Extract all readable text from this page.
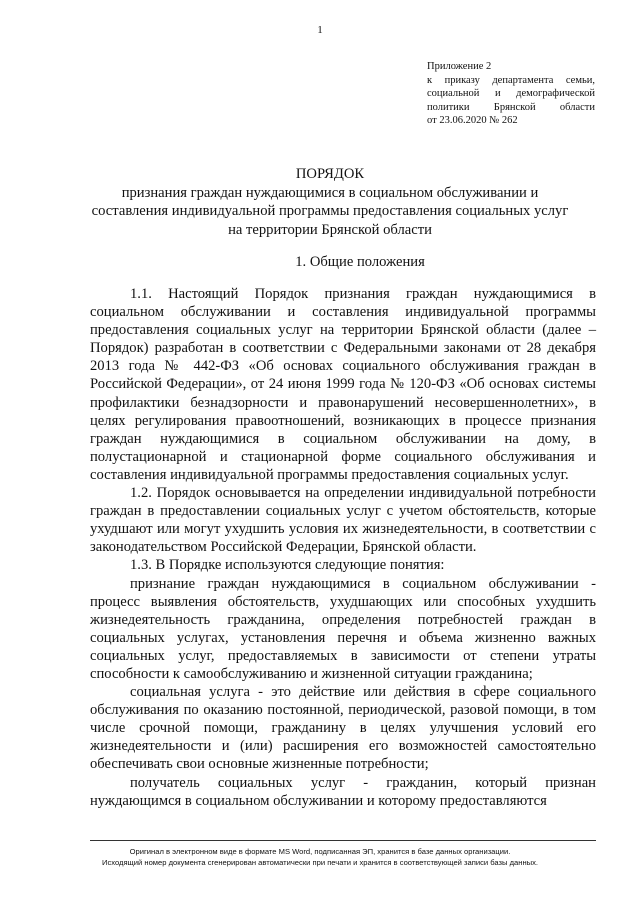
1
Приложение 2
к приказу департамента семьи,
социальной и демографической
политики Брянской области
от 23.06.2020 № 262
ПОРЯДОК
признания граждан нуждающимися в социальном обслуживании и
составления индивидуальной программы предоставления социальных услуг
на территории Брянской области
1. Общие положения

1.1. Настоящий Порядок признания граждан нуждающимися в социальном обслуживании и составления индивидуальной программы предоставления социальных услуг на территории Брянской области (далее – Порядок) разработан в соответствии с Федеральными законами от 28 декабря 2013 года № 442-ФЗ «Об основах социального обслуживания граждан в Российской Федерации», от 24 июня 1999 года № 120-ФЗ «Об основах системы профилактики безнадзорности и правонарушений несовершеннолетних», в целях регулирования правоотношений, возникающих в процессе признания граждан нуждающимися в социальном обслуживании на дому, в полустационарной и стационарной форме социального обслуживания и составления индивидуальной программы предоставления социальных услуг.

1.2. Порядок основывается на определении индивидуальной потребности граждан в предоставлении социальных услуг с учетом обстоятельств, которые ухудшают или могут ухудшить условия их жизнедеятельности, в соответствии с законодательством Российской Федерации, Брянской области.

1.3. В Порядке используются следующие понятия:

признание граждан нуждающимися в социальном обслуживании - процесс выявления обстоятельств, ухудшающих или способных ухудшить жизнедеятельность гражданина, определения потребностей граждан в социальных услугах, установления перечня и объема жизненно важных социальных услуг, предоставляемых в зависимости от степени утраты способности к самообслуживанию и жизненной ситуации гражданина;

социальная услуга - это действие или действия в сфере социального обслуживания по оказанию постоянной, периодической, разовой помощи, в том числе срочной помощи, гражданину в целях улучшения условий его жизнедеятельности и (или) расширения его возможностей самостоятельно обеспечивать свои основные жизненные потребности;

получатель социальных услуг - гражданин, который признан нуждающимся в социальном обслуживании и которому предоставляются

Оригинал в электронном виде в формате MS Word, подписанная ЭП, хранится в базе данных организации.
Исходящий номер документа сгенерирован автоматически при печати и хранится в соответствующей записи базы данных.
